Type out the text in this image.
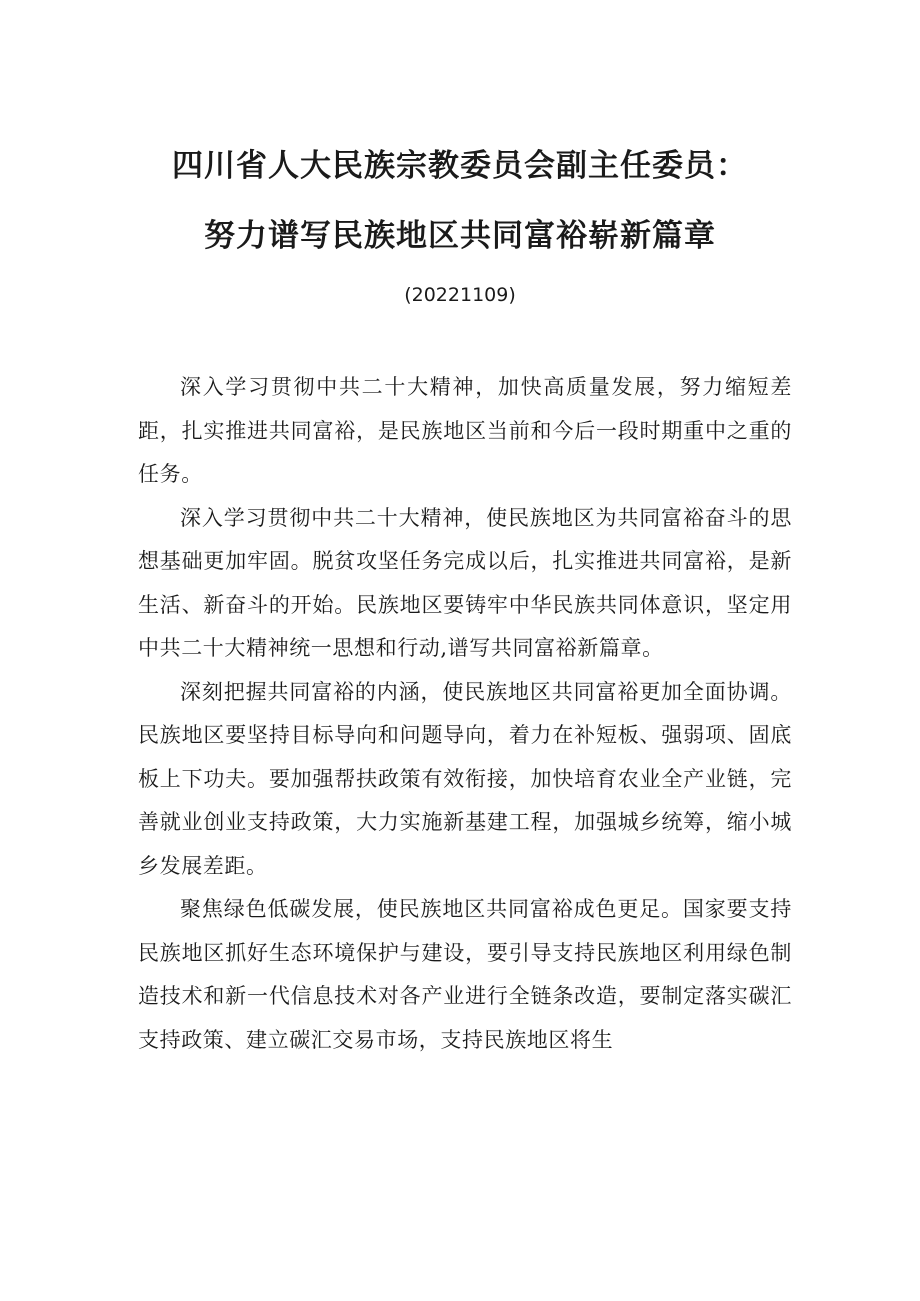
四川省人大民族宗教委员会副主任委员：
努力谱写民族地区共同富裕崭新篇章
(20221109)

深入学习贯彻中共二十大精神，加快高质量发展，努力缩短差距，扎实推进共同富裕，是民族地区当前和今后一段时期重中之重的任务。

深入学习贯彻中共二十大精神，使民族地区为共同富裕奋斗的思想基础更加牢固。脱贫攻坚任务完成以后，扎实推进共同富裕，是新生活、新奋斗的开始。民族地区要铸牢中华民族共同体意识，坚定用中共二十大精神统一思想和行动,谱写共同富裕新篇章。

深刻把握共同富裕的内涵，使民族地区共同富裕更加全面协调。民族地区要坚持目标导向和问题导向，着力在补短板、强弱项、固底板上下功夫。要加强帮扶政策有效衔接，加快培育农业全产业链，完善就业创业支持政策，大力实施新基建工程，加强城乡统筹，缩小城乡发展差距。

聚焦绿色低碳发展，使民族地区共同富裕成色更足。国家要支持民族地区抓好生态环境保护与建设，要引导支持民族地区利用绿色制造技术和新一代信息技术对各产业进行全链条改造，要制定落实碳汇支持政策、建立碳汇交易市场，支持民族地区将生
